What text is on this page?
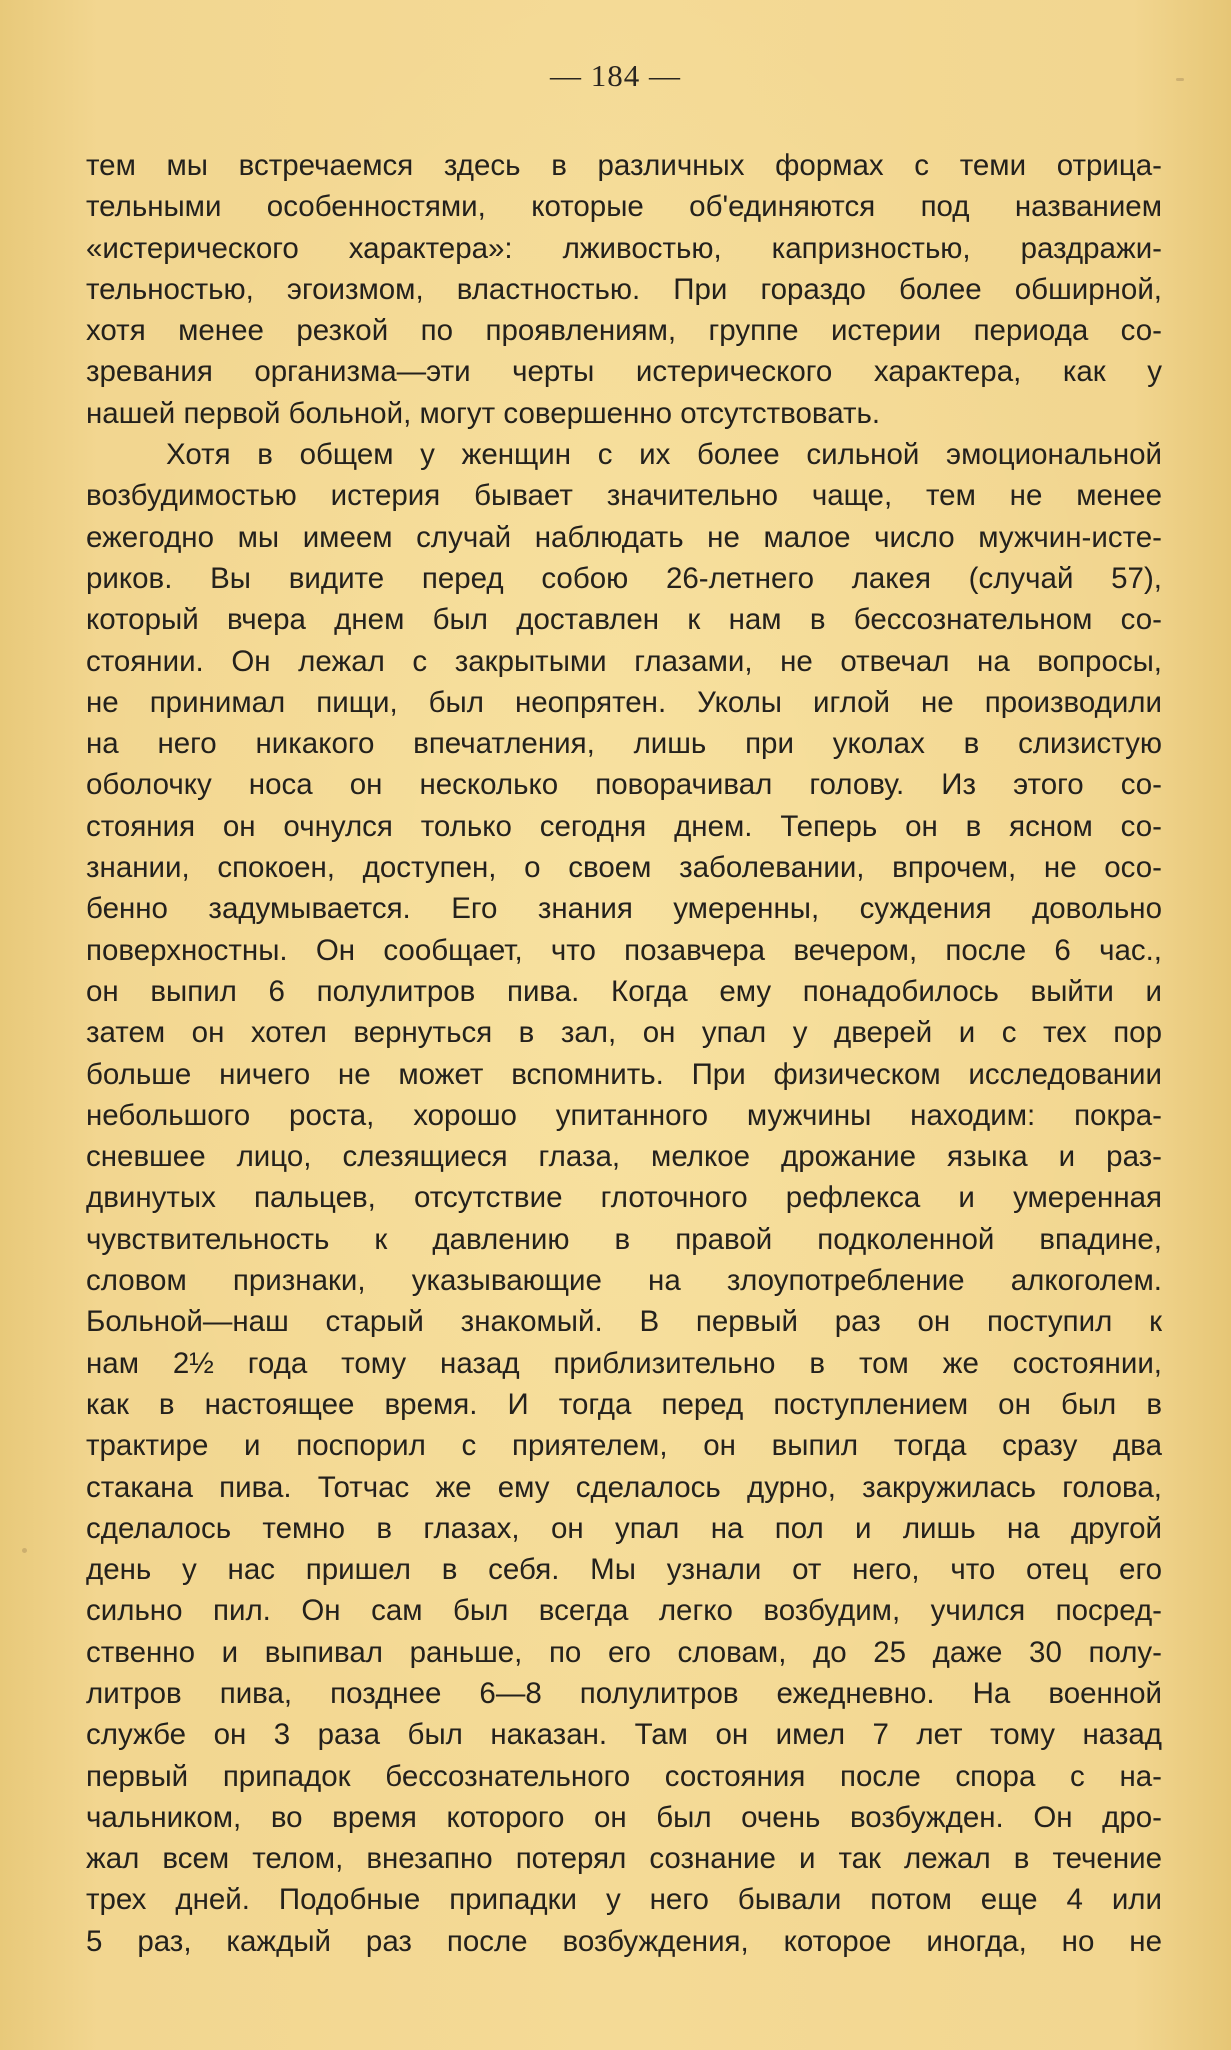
— 184 —
тем мы встречаемся здесь в различных формах с теми отрица-
тельными особенностями, которые об'единяются под названием
«истерического характера»: лживостью, капризностью, раздражи-
тельностью, эгоизмом, властностью. При гораздо более обширной,
хотя менее резкой по проявлениям, группе истерии периода со-
зревания организма—эти черты истерического характера, как у
нашей первой больной, могут совершенно отсутствовать.
Хотя в общем у женщин с их более сильной эмоциональной
возбудимостью истерия бывает значительно чаще, тем не менее
ежегодно мы имеем случай наблюдать не малое число мужчин-исте-
риков. Вы видите перед собою 26-летнего лакея (случай 57),
который вчера днем был доставлен к нам в бессознательном со-
стоянии. Он лежал с закрытыми глазами, не отвечал на вопросы,
не принимал пищи, был неопрятен. Уколы иглой не производили
на него никакого впечатления, лишь при уколах в слизистую
оболочку носа он несколько поворачивал голову. Из этого со-
стояния он очнулся только сегодня днем. Теперь он в ясном со-
знании, спокоен, доступен, о своем заболевании, впрочем, не осо-
бенно задумывается. Его знания умеренны, суждения довольно
поверхностны. Он сообщает, что позавчера вечером, после 6 час.,
он выпил 6 полулитров пива. Когда ему понадобилось выйти и
затем он хотел вернуться в зал, он упал у дверей и с тех пор
больше ничего не может вспомнить. При физическом исследовании
небольшого роста, хорошо упитанного мужчины находим: покра-
сневшее лицо, слезящиеся глаза, мелкое дрожание языка и раз-
двинутых пальцев, отсутствие глоточного рефлекса и умеренная
чувствительность к давлению в правой подколенной впадине,
словом признаки, указывающие на злоупотребление алкоголем.
Больной—наш старый знакомый. В первый раз он поступил к
нам 2½ года тому назад приблизительно в том же состоянии,
как в настоящее время. И тогда перед поступлением он был в
трактире и поспорил с приятелем, он выпил тогда сразу два
стакана пива. Тотчас же ему сделалось дурно, закружилась голова,
сделалось темно в глазах, он упал на пол и лишь на другой
день у нас пришел в себя. Мы узнали от него, что отец его
сильно пил. Он сам был всегда легко возбудим, учился посред-
ственно и выпивал раньше, по его словам, до 25 даже 30 полу-
литров пива, позднее 6—8 полулитров ежедневно. На военной
службе он 3 раза был наказан. Там он имел 7 лет тому назад
первый припадок бессознательного состояния после спора с на-
чальником, во время которого он был очень возбужден. Он дро-
жал всем телом, внезапно потерял сознание и так лежал в течение
трех дней. Подобные припадки у него бывали потом еще 4 или
5 раз, каждый раз после возбуждения, которое иногда, но не
